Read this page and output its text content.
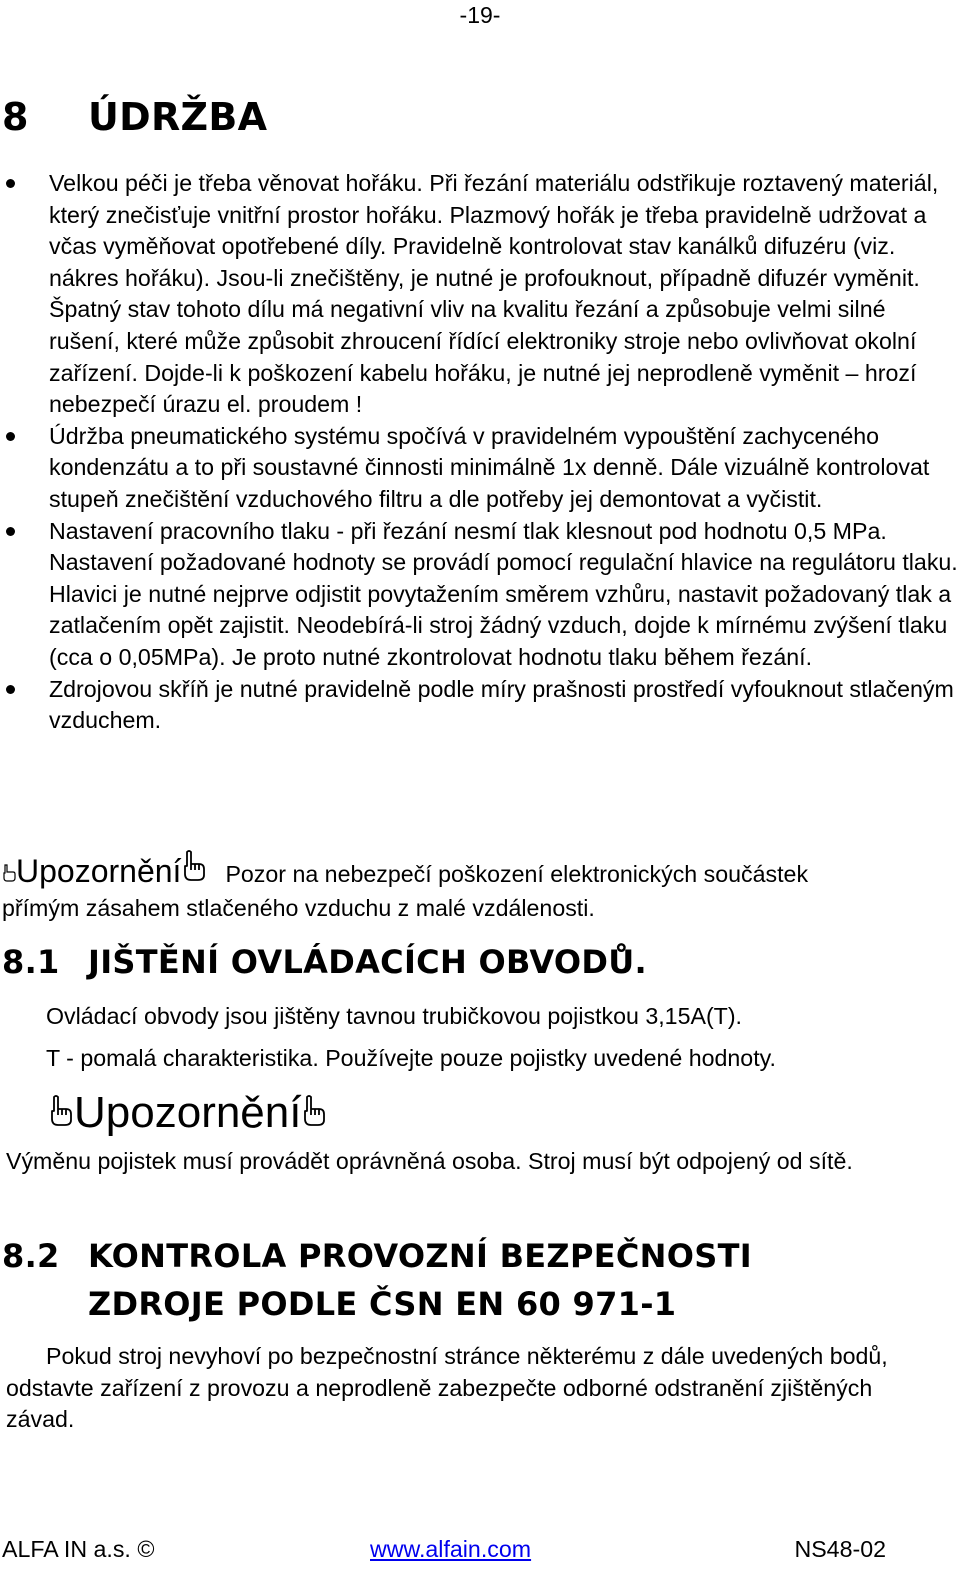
-19-
8 ÚDRŽBA
Velkou péči je třeba věnovat hořáku. Při řezání materiálu odstřikuje roztavený materiál, který znečisťuje vnitřní prostor hořáku. Plazmový hořák je třeba pravidelně udržovat a včas vyměňovat opotřebené díly. Pravidelně kontrolovat stav kanálků difuzéru (viz. nákres hořáku). Jsou-li znečištěny, je nutné je profouknout, případně difuzér vyměnit. Špatný stav tohoto dílu má negativní vliv na kvalitu řezání a způsobuje velmi silné rušení, které může způsobit zhroucení řídící elektroniky stroje nebo ovlivňovat okolní zařízení. Dojde-li k poškození kabelu hořáku, je nutné jej neprodleně vyměnit – hrozí nebezpečí úrazu el. proudem !
Údržba pneumatického systému spočívá v pravidelném vypouštění zachyceného kondenzátu a to při soustavné činnosti minimálně 1x denně. Dále vizuálně kontrolovat stupeň znečištění vzduchového filtru a dle potřeby jej demontovat a vyčistit.
Nastavení pracovního tlaku - při řezání nesmí tlak klesnout pod hodnotu 0,5 MPa. Nastavení požadované hodnoty se provádí pomocí regulační hlavice na regulátoru tlaku. Hlavici je nutné nejprve odjistit povytažením směrem vzhůru, nastavit požadovaný tlak a zatlačením opět zajistit. Neodebírá-li stroj žádný vzduch, dojde k mírnému zvýšení tlaku (cca o 0,05MPa). Je proto nutné zkontrolovat hodnotu tlaku během řezání.
Zdrojovou skříň je nutné pravidelně podle míry prašnosti prostředí vyfouknout stlačeným vzduchem.
Upozornění Pozor na nebezpečí poškození elektronických součástek

přímým zásahem stlačeného vzduchu z malé vzdálenosti.

8.1 JIŠTĚNÍ OVLÁDACÍCH OBVODŮ.

Ovládací obvody jsou jištěny tavnou trubičkovou pojistkou 3,15A(T).

T - pomalá charakteristika. Používejte pouze pojistky uvedené hodnoty.

Upozornění

Výměnu pojistek musí provádět oprávněná osoba. Stroj musí být odpojený od sítě.

8.2 KONTROLA PROVOZNÍ BEZPEČNOSTI
ZDROJE PODLE ČSN EN 60 971-1

Pokud stroj nevyhoví po bezpečnostní stránce některému z dále uvedených bodů, odstavte zařízení z provozu a neprodleně zabezpečte odborné odstranění zjištěných závad.

ALFA IN a.s. ©	www.alfain.com	NS48-02
